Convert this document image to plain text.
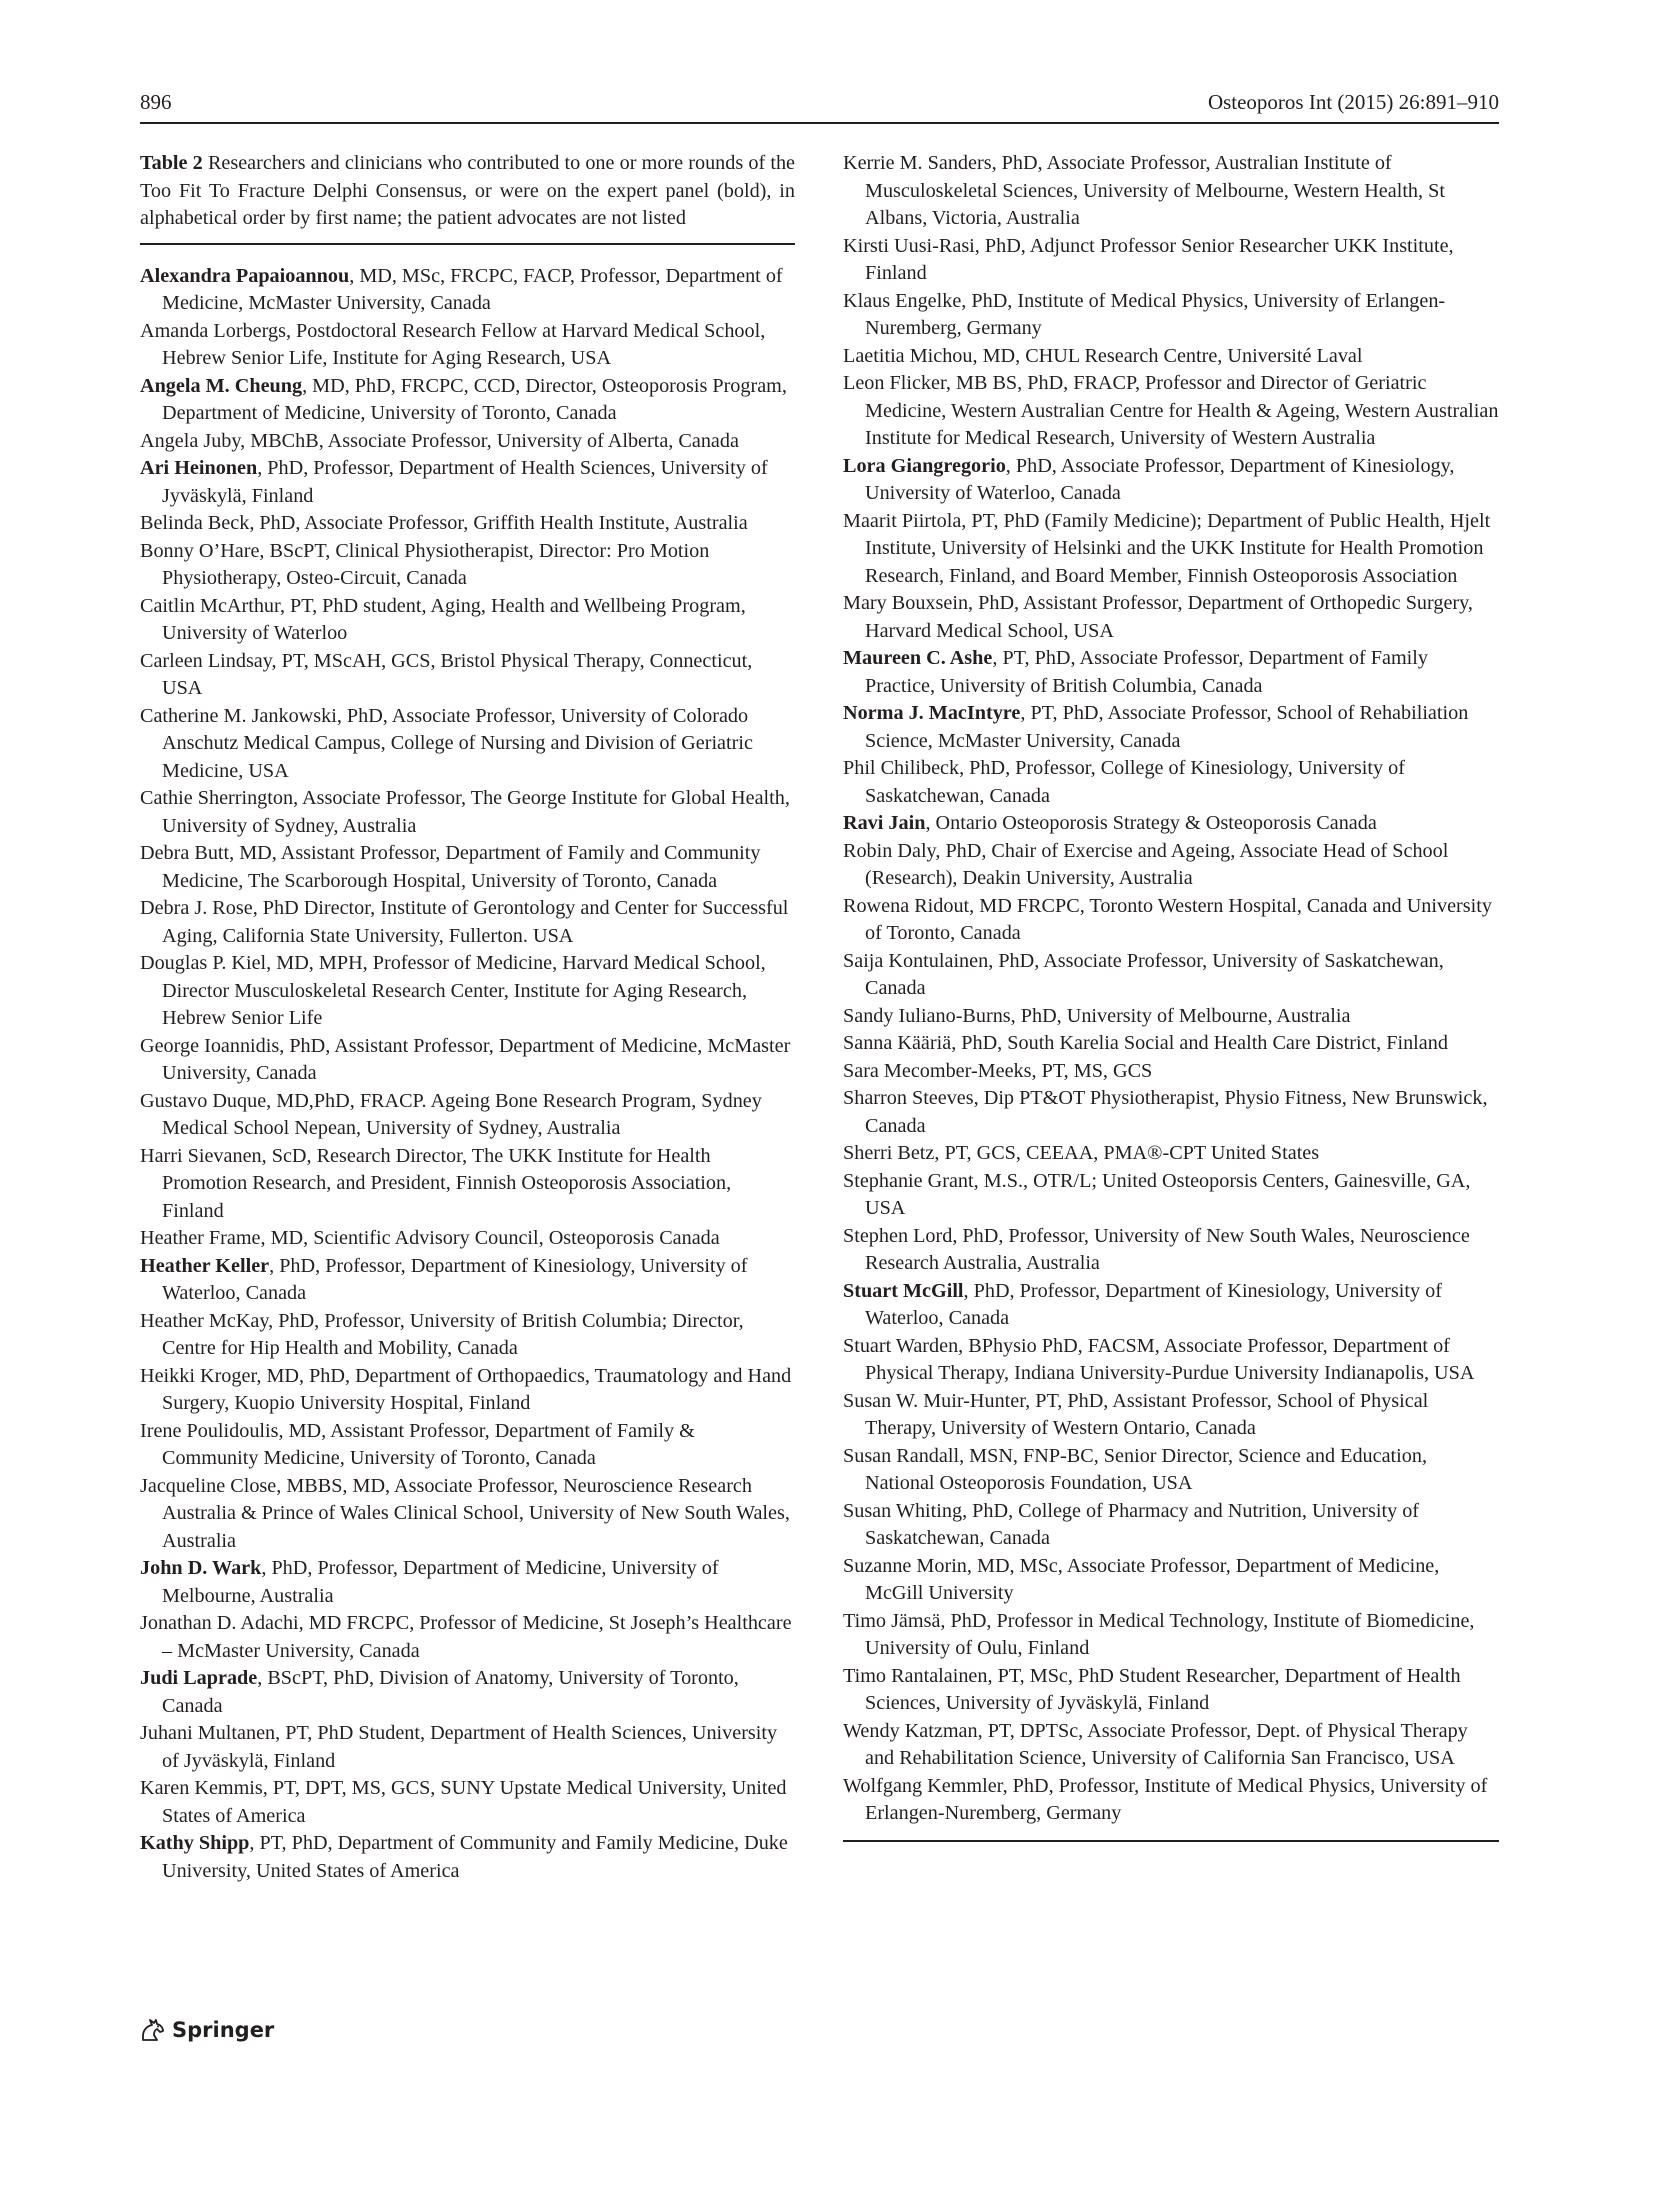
896	Osteoporos Int (2015) 26:891–910

Table 2 Researchers and clinicians who contributed to one or more rounds of the Too Fit To Fracture Delphi Consensus, or were on the expert panel (bold), in alphabetical order by first name; the patient advocates are not listed

Alexandra Papaioannou, MD, MSc, FRCPC, FACP, Professor, Department of Medicine, McMaster University, Canada

Amanda Lorbergs, Postdoctoral Research Fellow at Harvard Medical School, Hebrew Senior Life, Institute for Aging Research, USA

Angela M. Cheung, MD, PhD, FRCPC, CCD, Director, Osteoporosis Program, Department of Medicine, University of Toronto, Canada

Angela Juby, MBChB, Associate Professor, University of Alberta, Canada

Ari Heinonen, PhD, Professor, Department of Health Sciences, University of Jyväskylä, Finland

Belinda Beck, PhD, Associate Professor, Griffith Health Institute, Australia

Bonny O’Hare, BScPT, Clinical Physiotherapist, Director: Pro Motion Physiotherapy, Osteo-Circuit, Canada

Caitlin McArthur, PT, PhD student, Aging, Health and Wellbeing Program, University of Waterloo

Carleen Lindsay, PT, MScAH, GCS, Bristol Physical Therapy, Connecticut, USA

Catherine M. Jankowski, PhD, Associate Professor, University of Colorado Anschutz Medical Campus, College of Nursing and Division of Geriatric Medicine, USA

Cathie Sherrington, Associate Professor, The George Institute for Global Health, University of Sydney, Australia

Debra Butt, MD, Assistant Professor, Department of Family and Community Medicine, The Scarborough Hospital, University of Toronto, Canada

Debra J. Rose, PhD Director, Institute of Gerontology and Center for Successful Aging, California State University, Fullerton. USA

Douglas P. Kiel, MD, MPH, Professor of Medicine, Harvard Medical School, Director Musculoskeletal Research Center, Institute for Aging Research, Hebrew Senior Life

George Ioannidis, PhD, Assistant Professor, Department of Medicine, McMaster University, Canada

Gustavo Duque, MD,PhD, FRACP. Ageing Bone Research Program, Sydney Medical School Nepean, University of Sydney, Australia

Harri Sievanen, ScD, Research Director, The UKK Institute for Health Promotion Research, and President, Finnish Osteoporosis Association, Finland

Heather Frame, MD, Scientific Advisory Council, Osteoporosis Canada

Heather Keller, PhD, Professor, Department of Kinesiology, University of Waterloo, Canada

Heather McKay, PhD, Professor, University of British Columbia; Director, Centre for Hip Health and Mobility, Canada

Heikki Kroger, MD, PhD, Department of Orthopaedics, Traumatology and Hand Surgery, Kuopio University Hospital, Finland

Irene Poulidoulis, MD, Assistant Professor, Department of Family & Community Medicine, University of Toronto, Canada

Jacqueline Close, MBBS, MD, Associate Professor, Neuroscience Research Australia & Prince of Wales Clinical School, University of New South Wales, Australia

John D. Wark, PhD, Professor, Department of Medicine, University of Melbourne, Australia

Jonathan D. Adachi, MD FRCPC, Professor of Medicine, St Joseph’s Healthcare – McMaster University, Canada

Judi Laprade, BScPT, PhD, Division of Anatomy, University of Toronto, Canada

Juhani Multanen, PT, PhD Student, Department of Health Sciences, University of Jyväskylä, Finland

Karen Kemmis, PT, DPT, MS, GCS, SUNY Upstate Medical University, United States of America

Kathy Shipp, PT, PhD, Department of Community and Family Medicine, Duke University, United States of America

Kerrie M. Sanders, PhD, Associate Professor, Australian Institute of Musculoskeletal Sciences, University of Melbourne, Western Health, St Albans, Victoria, Australia

Kirsti Uusi-Rasi, PhD, Adjunct Professor Senior Researcher UKK Institute, Finland

Klaus Engelke, PhD, Institute of Medical Physics, University of Erlangen-Nuremberg, Germany

Laetitia Michou, MD, CHUL Research Centre, Université Laval

Leon Flicker, MB BS, PhD, FRACP, Professor and Director of Geriatric Medicine, Western Australian Centre for Health & Ageing, Western Australian Institute for Medical Research, University of Western Australia

Lora Giangregorio, PhD, Associate Professor, Department of Kinesiology, University of Waterloo, Canada

Maarit Piirtola, PT, PhD (Family Medicine); Department of Public Health, Hjelt Institute, University of Helsinki and the UKK Institute for Health Promotion Research, Finland, and Board Member, Finnish Osteoporosis Association

Mary Bouxsein, PhD, Assistant Professor, Department of Orthopedic Surgery, Harvard Medical School, USA

Maureen C. Ashe, PT, PhD, Associate Professor, Department of Family Practice, University of British Columbia, Canada

Norma J. MacIntyre, PT, PhD, Associate Professor, School of Rehabiliation Science, McMaster University, Canada

Phil Chilibeck, PhD, Professor, College of Kinesiology, University of Saskatchewan, Canada

Ravi Jain, Ontario Osteoporosis Strategy & Osteoporosis Canada

Robin Daly, PhD, Chair of Exercise and Ageing, Associate Head of School (Research), Deakin University, Australia

Rowena Ridout, MD FRCPC, Toronto Western Hospital, Canada and University of Toronto, Canada

Saija Kontulainen, PhD, Associate Professor, University of Saskatchewan, Canada

Sandy Iuliano-Burns, PhD, University of Melbourne, Australia

Sanna Kääriä, PhD, South Karelia Social and Health Care District, Finland

Sara Mecomber-Meeks, PT, MS, GCS

Sharron Steeves, Dip PT&OT Physiotherapist, Physio Fitness, New Brunswick, Canada

Sherri Betz, PT, GCS, CEEAA, PMA®-CPT United States

Stephanie Grant, M.S., OTR/L; United Osteoporsis Centers, Gainesville, GA, USA

Stephen Lord, PhD, Professor, University of New South Wales, Neuroscience Research Australia, Australia

Stuart McGill, PhD, Professor, Department of Kinesiology, University of Waterloo, Canada

Stuart Warden, BPhysio PhD, FACSM, Associate Professor, Department of Physical Therapy, Indiana University-Purdue University Indianapolis, USA

Susan W. Muir-Hunter, PT, PhD, Assistant Professor, School of Physical Therapy, University of Western Ontario, Canada

Susan Randall, MSN, FNP-BC, Senior Director, Science and Education, National Osteoporosis Foundation, USA

Susan Whiting, PhD, College of Pharmacy and Nutrition, University of Saskatchewan, Canada

Suzanne Morin, MD, MSc, Associate Professor, Department of Medicine, McGill University

Timo Jämsä, PhD, Professor in Medical Technology, Institute of Biomedicine, University of Oulu, Finland

Timo Rantalainen, PT, MSc, PhD Student Researcher, Department of Health Sciences, University of Jyväskylä, Finland

Wendy Katzman, PT, DPTSc, Associate Professor, Dept. of Physical Therapy and Rehabilitation Science, University of California San Francisco, USA

Wolfgang Kemmler, PhD, Professor, Institute of Medical Physics, University of Erlangen-Nuremberg, Germany

Springer
